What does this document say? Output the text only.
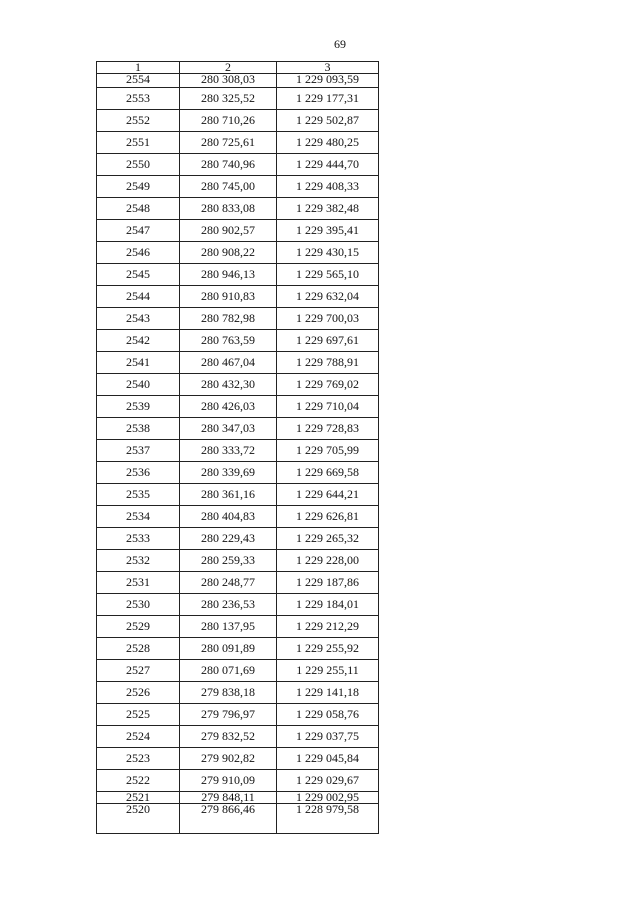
69
1	2	3
2554	280 308,03	1 229 093,59
2553	280 325,52	1 229 177,31
2552	280 710,26	1 229 502,87
2551	280 725,61	1 229 480,25
2550	280 740,96	1 229 444,70
2549	280 745,00	1 229 408,33
2548	280 833,08	1 229 382,48
2547	280 902,57	1 229 395,41
2546	280 908,22	1 229 430,15
2545	280 946,13	1 229 565,10
2544	280 910,83	1 229 632,04
2543	280 782,98	1 229 700,03
2542	280 763,59	1 229 697,61
2541	280 467,04	1 229 788,91
2540	280 432,30	1 229 769,02
2539	280 426,03	1 229 710,04
2538	280 347,03	1 229 728,83
2537	280 333,72	1 229 705,99
2536	280 339,69	1 229 669,58
2535	280 361,16	1 229 644,21
2534	280 404,83	1 229 626,81
2533	280 229,43	1 229 265,32
2532	280 259,33	1 229 228,00
2531	280 248,77	1 229 187,86
2530	280 236,53	1 229 184,01
2529	280 137,95	1 229 212,29
2528	280 091,89	1 229 255,92
2527	280 071,69	1 229 255,11
2526	279 838,18	1 229 141,18
2525	279 796,97	1 229 058,76
2524	279 832,52	1 229 037,75
2523	279 902,82	1 229 045,84
2522	279 910,09	1 229 029,67
2521	279 848,11	1 229 002,95
2520	279 866,46	1 228 979,58
